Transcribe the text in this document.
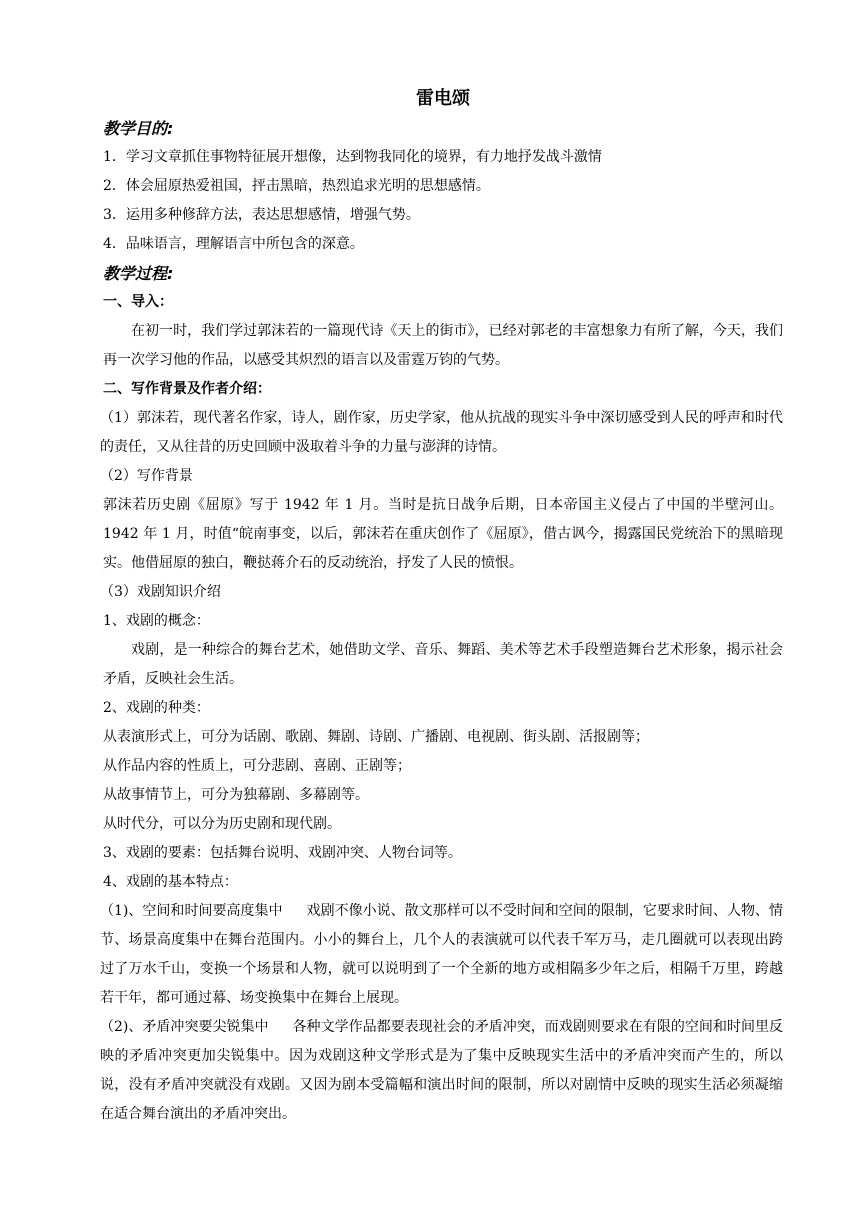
雷电颂
教学目的:

1．学习文章抓住事物特征展开想像，达到物我同化的境界，有力地抒发战斗激情

2．体会屈原热爱祖国，抨击黑暗，热烈追求光明的思想感情。

3．运用多种修辞方法，表达思想感情，增强气势。

4．品味语言，理解语言中所包含的深意。

教学过程:
一、导入：

在初一时，我们学过郭沫若的一篇现代诗《天上的街市》，已经对郭老的丰富想象力有所了解，今天，我们再一次学习他的作品，以感受其炽烈的语言以及雷霆万钧的气势。

二、写作背景及作者介绍：

（1）郭沫若，现代著名作家，诗人，剧作家，历史学家，他从抗战的现实斗争中深切感受到人民的呼声和时代的责任，又从往昔的历史回顾中汲取着斗争的力量与澎湃的诗情。

（2）写作背景

郭沫若历史剧《屈原》写于 1942 年 1 月。当时是抗日战争后期，日本帝国主义侵占了中国的半壁河山。1942 年 1 月，时值“皖南事变，以后，郭沫若在重庆创作了《屈原》，借古讽今，揭露国民党统治下的黑暗现实。他借屈原的独白，鞭挞蒋介石的反动统治，抒发了人民的愤恨。

（3）戏剧知识介绍

1、戏剧的概念：

戏剧，是一种综合的舞台艺术，她借助文学、音乐、舞蹈、美术等艺术手段塑造舞台艺术形象，揭示社会矛盾，反映社会生活。

2、戏剧的种类：

从表演形式上，可分为话剧、歌剧、舞剧、诗剧、广播剧、电视剧、街头剧、活报剧等；

从作品内容的性质上，可分悲剧、喜剧、正剧等；

从故事情节上，可分为独幕剧、多幕剧等。

从时代分，可以分为历史剧和现代剧。

3、戏剧的要素：包括舞台说明、戏剧冲突、人物台词等。

4、戏剧的基本特点：

（1)、空间和时间要高度集中 戏剧不像小说、散文那样可以不受时间和空间的限制，它要求时间、人物、情节、场景高度集中在舞台范围内。小小的舞台上，几个人的表演就可以代表千军万马，走几圈就可以表现出跨过了万水千山，变换一个场景和人物，就可以说明到了一个全新的地方或相隔多少年之后，相隔千万里，跨越若干年，都可通过幕、场变换集中在舞台上展现。

（2)、矛盾冲突要尖锐集中 各种文学作品都要表现社会的矛盾冲突，而戏剧则要求在有限的空间和时间里反映的矛盾冲突更加尖锐集中。因为戏剧这种文学形式是为了集中反映现实生活中的矛盾冲突而产生的，所以说，没有矛盾冲突就没有戏剧。又因为剧本受篇幅和演出时间的限制，所以对剧情中反映的现实生活必须凝缩在适合舞台演出的矛盾冲突出。
